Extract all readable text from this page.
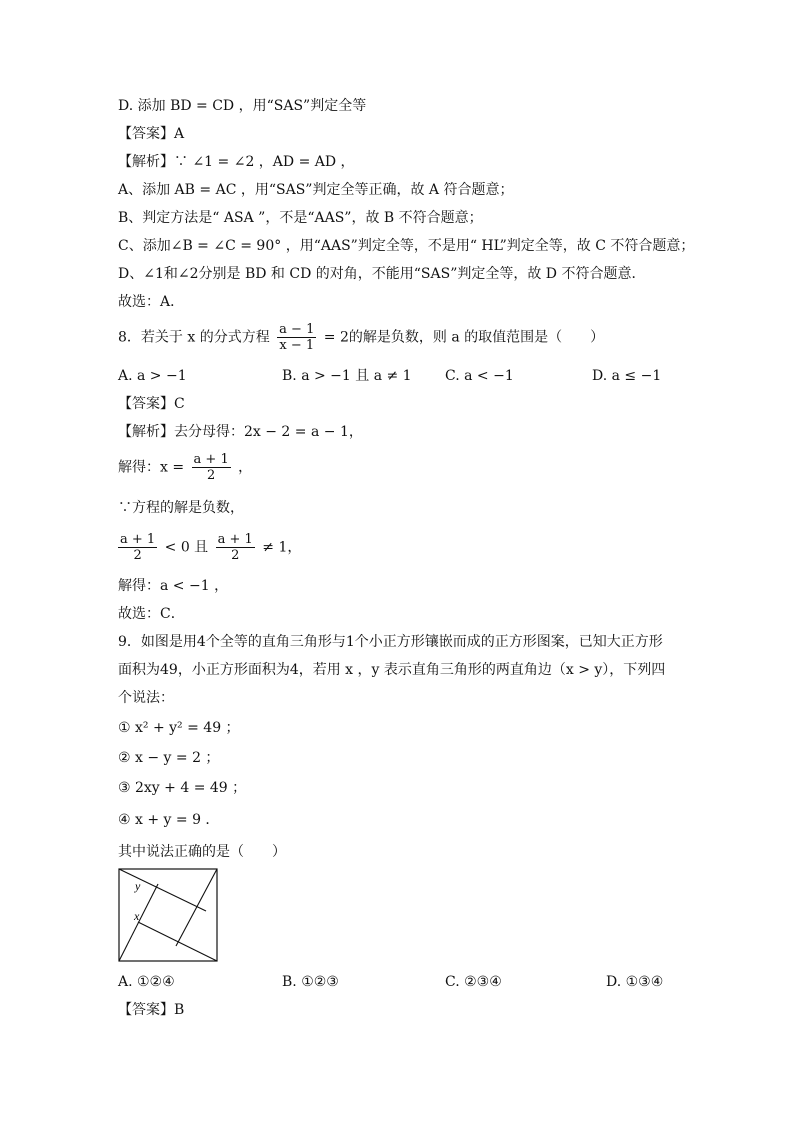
D. 添加 BD = CD ，用“SAS”判定全等
【答案】A
【解析】∵ ∠1 = ∠2 ，AD = AD ，
A、添加 AB = AC ，用“SAS”判定全等正确，故 A 符合题意；
B、判定方法是“ ASA ”，不是“AAS”，故 B 不符合题意；
C、添加∠B = ∠C = 90° ，用“AAS”判定全等，不是用“ HL”判定全等，故 C 不符合题意；
D、∠1和∠2分别是 BD 和 CD 的对角，不能用“SAS”判定全等，故 D 不符合题意．
故选：A．
8．若关于 x 的分式方程 $\frac{a - 1}{x - 1} = 2$的解是负数，则 a 的取值范围是（　　）
A. a > −1	B. a > −1 且 a ≠ 1 C. a < −1	D. a ≤ −1
【答案】C
【解析】去分母得：2x − 2 = a − 1，
解得：$x = \frac{a + 1}{2}$ ，
∵方程的解是负数，
$\frac{a + 1}{2} < 0$ 且 $\frac{a + 1}{2} \ne 1$，
解得：a < −1 ，
故选：C．
9．如图是用4个全等的直角三角形与1个小正方形镶嵌而成的正方形图案，已知大正方形
面积为49，小正方形面积为4，若用 x ，y 表示直角三角形的两直角边（x > y），下列四
个说法：
① x² + y² = 49 ；
② x − y = 2 ；
③ 2xy + 4 = 49 ；
④ x + y = 9 ．
其中说法正确的是（　　）
y
x
A. ①②④	B. ①②③	C. ②③④	D. ①③④
【答案】B
